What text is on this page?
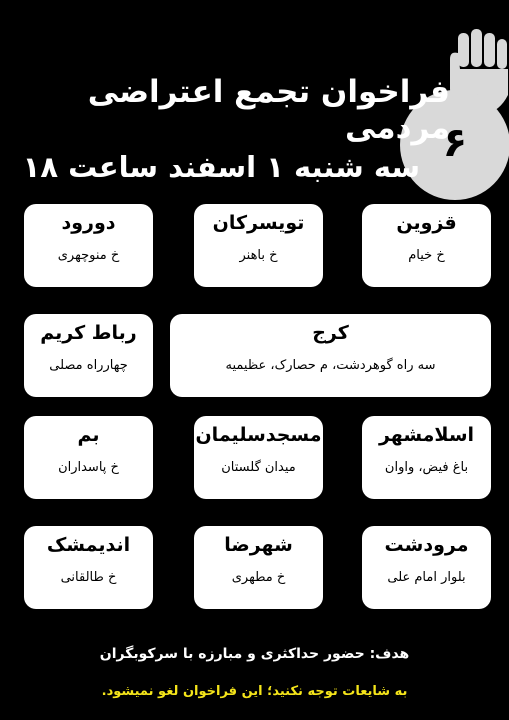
۶
فراخوان تجمع اعتراضی مردمی
سه شنبه ۱ اسفند ساعت ۱۸
قزوین
خ خیام
تویسرکان
خ باهنر
دورود
خ منوچهری
کرج
سه راه گوهردشت، م حصارک، عظیمیه
رباط کریم
چهارراه مصلی
اسلامشهر
باغ فیض، واوان
مسجدسلیمان
میدان گلستان
بم
خ پاسداران
مرودشت
بلوار امام علی
شهرضا
خ مطهری
اندیمشک
خ طالقانی
هدف: حضور حداکثری و مبارزه با سرکوبگران
به شایعات توجه نکنید؛ این فراخوان لغو نمیشود.
